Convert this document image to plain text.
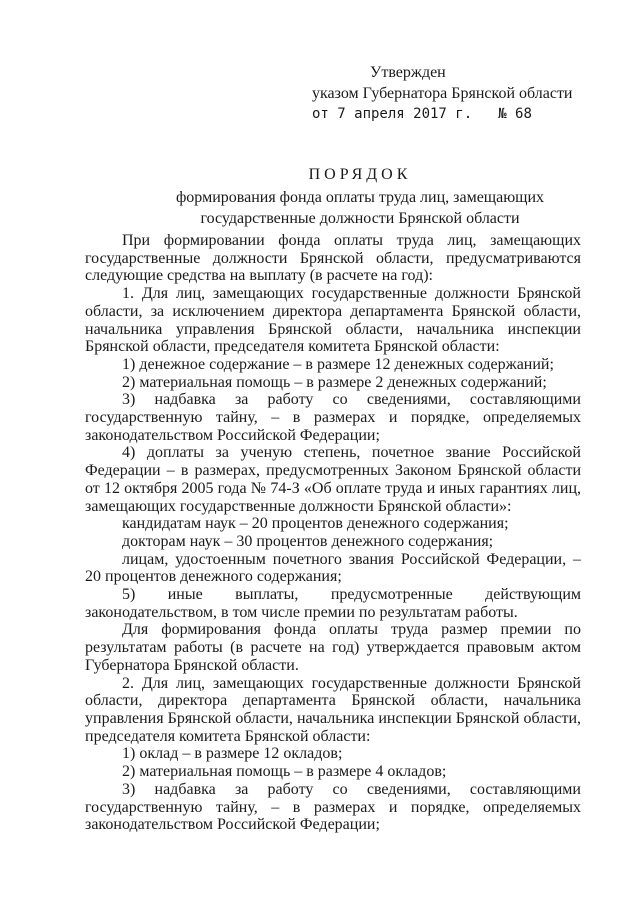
Утвержден
указом Губернатора Брянской области
от 7 апреля 2017 г. № 68
ПОРЯДОК
формирования фонда оплаты труда лиц, замещающих
государственные должности Брянской области

При формировании фонда оплаты труда лиц, замещающих государственные должности Брянской области, предусматриваются следующие средства на выплату (в расчете на год):

1. Для лиц, замещающих государственные должности Брянской области, за исключением директора департамента Брянской области, начальника управления Брянской области, начальника инспекции Брянской области, председателя комитета Брянской области:

1) денежное содержание – в размере 12 денежных содержаний;

2) материальная помощь – в размере 2 денежных содержаний;

3) надбавка за работу со сведениями, составляющими государственную тайну, – в размерах и порядке, определяемых законодательством Российской Федерации;

4) доплаты за ученую степень, почетное звание Российской Федерации – в размерах, предусмотренных Законом Брянской области от 12 октября 2005 года № 74-З «Об оплате труда и иных гарантиях лиц, замещающих государственные должности Брянской области»:

кандидатам наук – 20 процентов денежного содержания;

докторам наук – 30 процентов денежного содержания;

лицам, удостоенным почетного звания Российской Федерации, – 20 процентов денежного содержания;

5) иные выплаты, предусмотренные действующим законодательством, в том числе премии по результатам работы.

Для формирования фонда оплаты труда размер премии по результатам работы (в расчете на год) утверждается правовым актом Губернатора Брянской области.

2. Для лиц, замещающих государственные должности Брянской области, директора департамента Брянской области, начальника управления Брянской области, начальника инспекции Брянской области, председателя комитета Брянской области:

1) оклад – в размере 12 окладов;

2) материальная помощь – в размере 4 окладов;

3) надбавка за работу со сведениями, составляющими государственную тайну, – в размерах и порядке, определяемых законодательством Российской Федерации;
